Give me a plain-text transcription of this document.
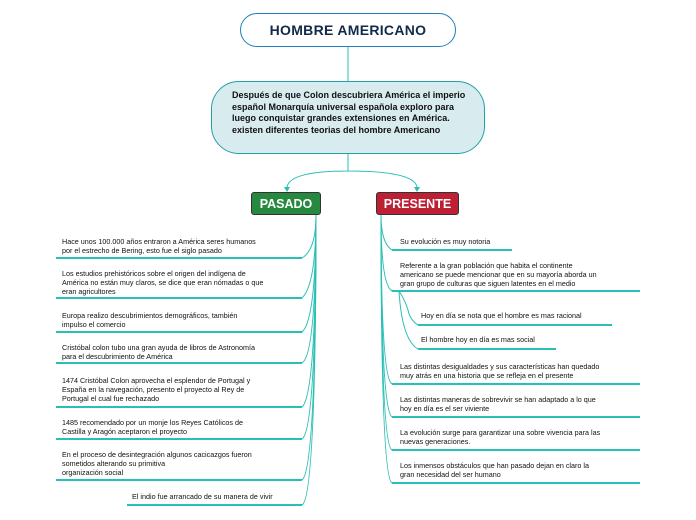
HOMBRE AMERICANO
Después de que Colon descubriera América el imperio español Monarquía universal española exploro para luego conquistar grandes extensiones en América. existen diferentes teorias del hombre Americano
PASADO	PRESENTE
Hace unos 100.000 años entraron a América seres humanos
por el estrecho de Bering, esto fue el siglo pasado
Los estudios prehistóricos sobre el origen del indígena de
América no están muy claros, se dice que eran nómadas o que
eran agricultores
Europa realizo descubrimientos demográficos, también
impulso el comercio
Cristóbal colon tubo una gran ayuda de libros de Astronomía
para el descubrimiento de América
1474 Cristóbal Colon aprovecha el esplendor de Portugal y
España en la navegación, presento el proyecto al Rey de
Portugal el cual fue rechazado
1485 recomendado por un monje los Reyes Católicos de
Castilla y Aragón aceptaron el proyecto
En el proceso de desintegración algunos cacicazgos fueron
sometidos alterando su primitiva
organización social
El indio fue arrancado de su manera de vivir
Su evolución es muy notoria
Referente a la gran población que habita el continente
americano se puede mencionar que en su mayoría aborda un
gran grupo de culturas que siguen latentes en el medio
Hoy en día se nota que el hombre es mas racional
El hombre hoy en día es mas social
Las distintas desigualdades y sus características han quedado
muy atrás en una historia que se refleja en el presente
Las distintas maneras de sobrevivir se han adaptado a lo que
hoy en día es el ser viviente
La evolución surge para garantizar una sobre vivencia para las
nuevas generaciones.
Los inmensos obstáculos que han pasado dejan en claro la
gran necesidad del ser humano
